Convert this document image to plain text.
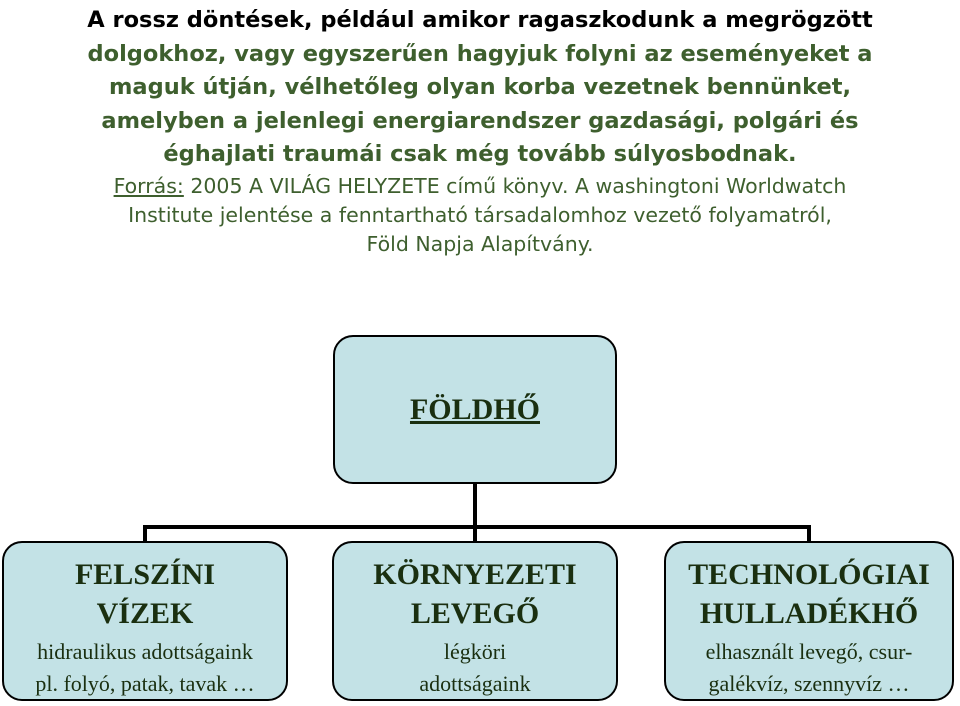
A rossz döntések, például amikor ragaszkodunk a megrögzött
dolgokhoz, vagy egyszerűen hagyjuk folyni az eseményeket a
maguk útján, vélhetőleg olyan korba vezetnek bennünket,
amelyben a jelenlegi energiarendszer gazdasági, polgári és
éghajlati traumái csak még tovább súlyosbodnak.
Forrás: 2005 A VILÁG HELYZETE című könyv. A washingtoni Worldwatch
Institute jelentése a fenntartható társadalomhoz vezető folyamatról,
Föld Napja Alapítvány.
FÖLDHŐ
FELSZÍNI
VÍZEK
hidraulikus adottságaink
pl. folyó, patak, tavak …
KÖRNYEZETI
LEVEGŐ
légköri
adottságaink
TECHNOLÓGIAI
HULLADÉKHŐ
elhasznált levegő, csur-
galékvíz, szennyvíz …
